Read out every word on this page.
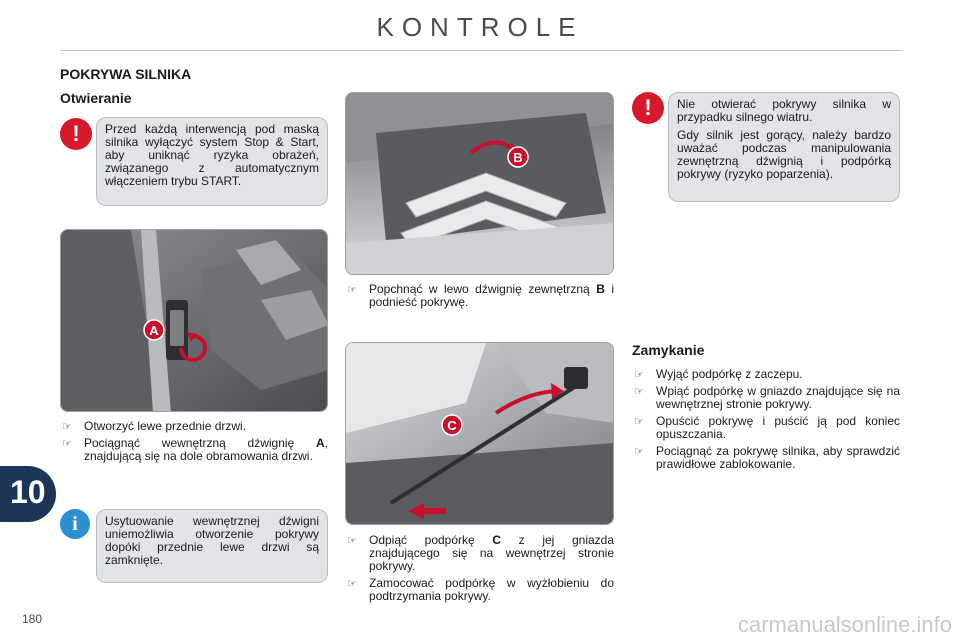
KONTROLE
POKRYWA SILNIKA
Otwieranie
!	Przed każdą interwencją pod maską silnika wyłączyć system Stop & Start, aby uniknąć ryzyka obrażeń, związanego z automatycznym włączeniem trybu START.

A
☞ Otworzyć lewe przednie drzwi.
☞ Pociągnąć wewnętrzną dźwignię A, znajdującą się na dole obramowania drzwi.
i	Usytuowanie wewnętrznej dźwigni uniemożliwia otworzenie pokrywy dopóki przednie lewe drzwi są zamknięte.

B
☞ Popchnąć w lewo dźwignię zewnętrzną B i podnieść pokrywę.
C
☞ Odpiąć podpórkę C z jej gniazda znajdującego się na wewnętrzej stronie pokrywy.
☞ Zamocować podpórkę w wyżłobieniu do podtrzymania pokrywy.
!	Nie otwierać pokrywy silnika w przypadku silnego wiatru.

Gdy silnik jest gorący, należy bardzo uważać podczas manipulowania zewnętrzną dźwignią i podpórką pokrywy (ryzyko poparzenia).

Zamykanie
☞ Wyjąć podpórkę z zaczepu.
☞ Wpiąć podpórkę w gniazdo znajdujące się na wewnętrznej stronie pokrywy.
☞ Opuścić pokrywę i puścić ją pod koniec opuszczania.
☞ Pociągnąć za pokrywę silnika, aby sprawdzić prawidłowe zablokowanie.
10
180	carmanualsonline.info
